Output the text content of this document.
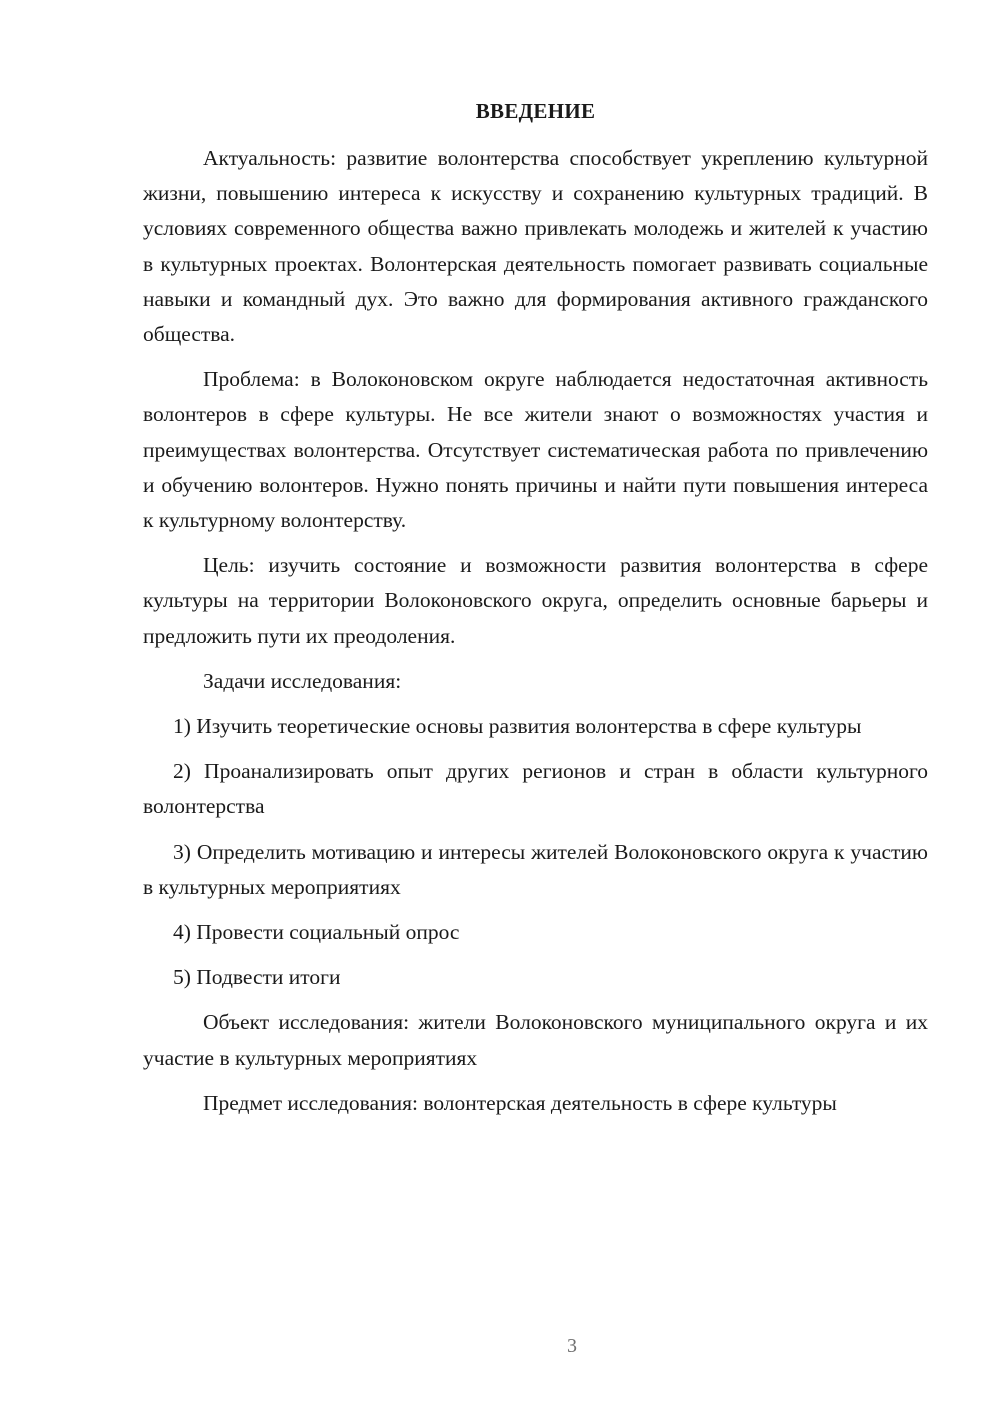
ВВЕДЕНИЕ

Актуальность: развитие волонтерства способствует укреплению культурной жизни, повышению интереса к искусству и сохранению культурных традиций. В условиях современного общества важно привлекать молодежь и жителей к участию в культурных проектах. Волонтерская деятельность помогает развивать социальные навыки и командный дух. Это важно для формирования активного гражданского общества.

Проблема: в Волоконовском округе наблюдается недостаточная активность волонтеров в сфере культуры. Не все жители знают о возможностях участия и преимуществах волонтерства. Отсутствует систематическая работа по привлечению и обучению волонтеров. Нужно понять причины и найти пути повышения интереса к культурному волонтерству.

Цель: изучить состояние и возможности развития волонтерства в сфере культуры на территории Волоконовского округа, определить основные барьеры и предложить пути их преодоления.

Задачи исследования:

1) Изучить теоретические основы развития волонтерства в сфере культуры

2) Проанализировать опыт других регионов и стран в области культурного волонтерства

3) Определить мотивацию и интересы жителей Волоконовского округа к участию в культурных мероприятиях

4) Провести социальный опрос

5) Подвести итоги

Объект исследования: жители Волоконовского муниципального округа и их участие в культурных мероприятиях

Предмет исследования: волонтерская деятельность в сфере культуры

3
